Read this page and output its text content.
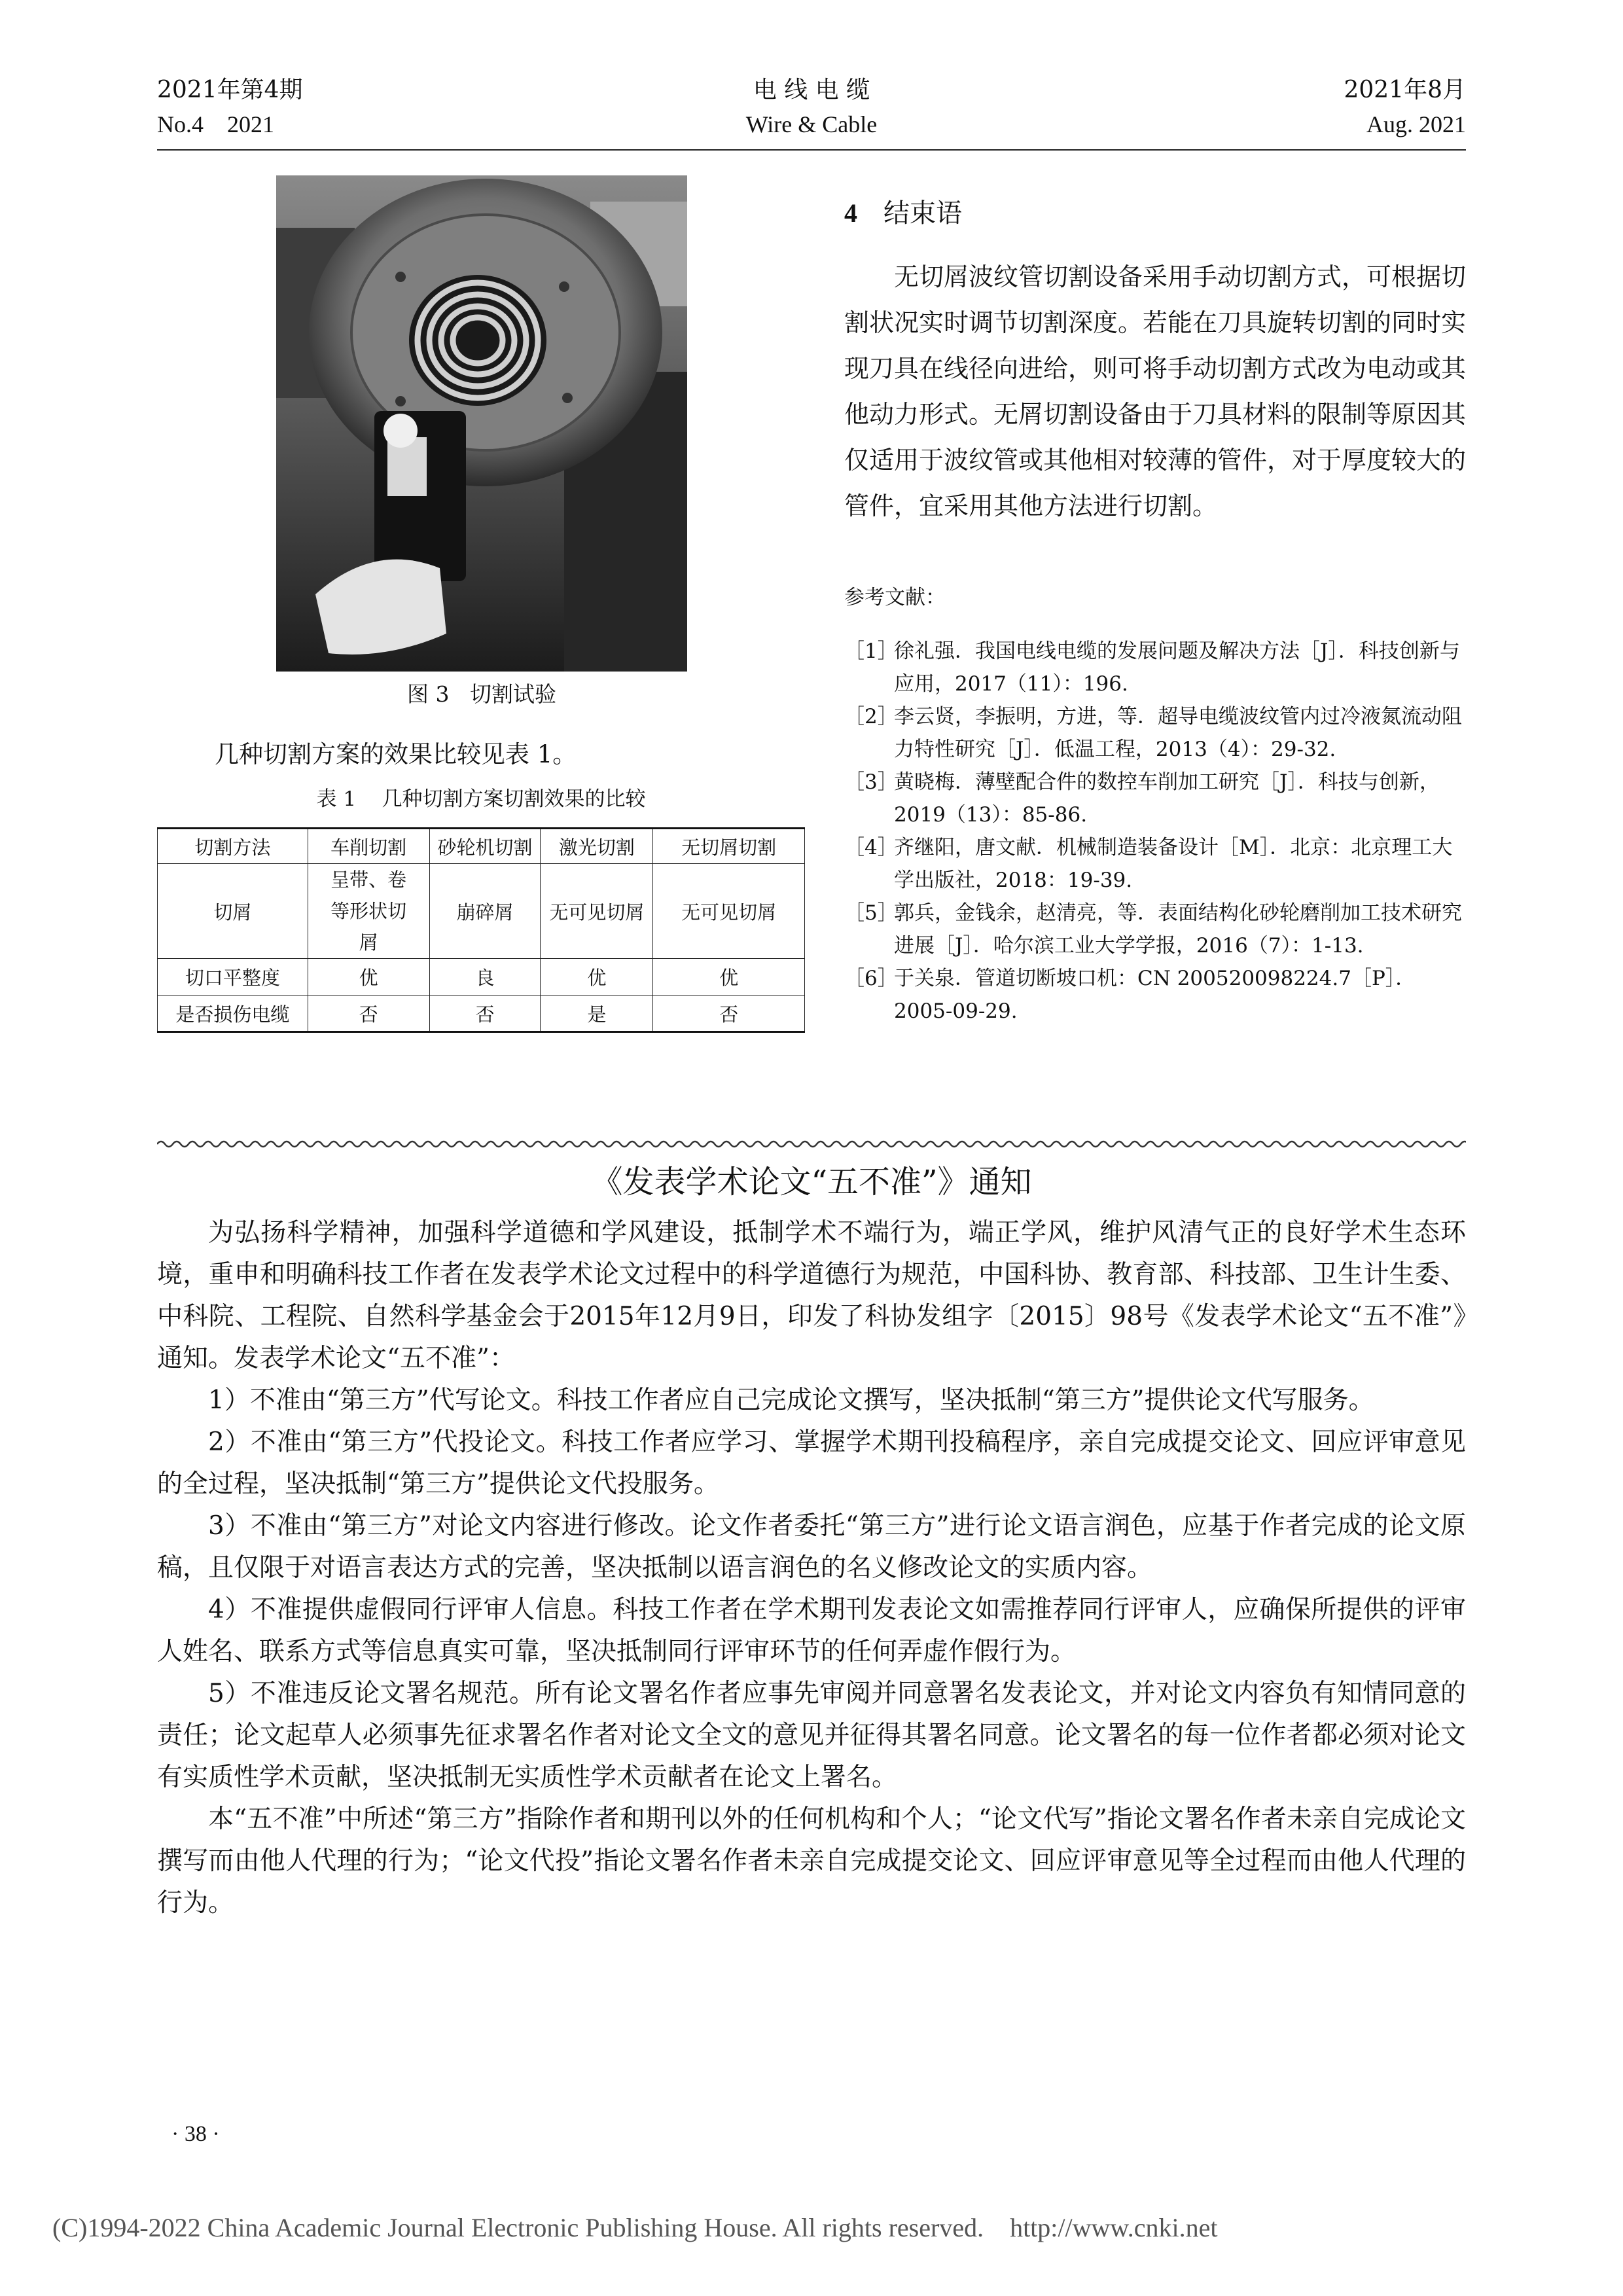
2021年第4期
No.4    2021
电 线 电 缆
Wire & Cable
2021年8月
Aug. 2021
图 3   切割试验
几种切割方案的效果比较见表 1。
表 1    几种切割方案切割效果的比较
切割方法	车削切割	砂轮机切割	激光切割	无切屑切割
切屑	呈带、卷等形状切屑	崩碎屑	无可见切屑	无可见切屑
切口平整度	优	良	优	优
是否损伤电缆	否	否	是	否
4 结束语

无切屑波纹管切割设备采用手动切割方式，可根据切割状况实时调节切割深度。若能在刀具旋转切割的同时实现刀具在线径向进给，则可将手动切割方式改为电动或其他动力形式。无屑切割设备由于刀具材料的限制等原因其仅适用于波纹管或其他相对较薄的管件，对于厚度较大的管件，宜采用其他方法进行切割。

参考文献：
［1］
徐礼强．我国电线电缆的发展问题及解决方法［J］．科技创新与应用，2017（11）：196.
［2］
李云贤，李振明，方进，等．超导电缆波纹管内过冷液氮流动阻力特性研究［J］．低温工程，2013（4）：29-32.
［3］
黄晓梅．薄壁配合件的数控车削加工研究［J］．科技与创新，2019（13）：85-86.
［4］
齐继阳，唐文献．机械制造装备设计［M］．北京：北京理工大学出版社，2018：19-39.
［5］
郭兵，金钱余，赵清亮，等．表面结构化砂轮磨削加工技术研究进展［J］．哈尔滨工业大学学报，2016（7）：1-13.
［6］
于关泉．管道切断坡口机：CN 200520098224.7［P］．2005-09-29.
《发表学术论文“五不准”》通知

为弘扬科学精神，加强科学道德和学风建设，抵制学术不端行为，端正学风，维护风清气正的良好学术生态环境，重申和明确科技工作者在发表学术论文过程中的科学道德行为规范，中国科协、教育部、科技部、卫生计生委、中科院、工程院、自然科学基金会于2015年12月9日，印发了科协发组字〔2015〕98号《发表学术论文“五不准”》通知。发表学术论文“五不准”：

1）不准由“第三方”代写论文。科技工作者应自己完成论文撰写，坚决抵制“第三方”提供论文代写服务。

2）不准由“第三方”代投论文。科技工作者应学习、掌握学术期刊投稿程序，亲自完成提交论文、回应评审意见的全过程，坚决抵制“第三方”提供论文代投服务。

3）不准由“第三方”对论文内容进行修改。论文作者委托“第三方”进行论文语言润色，应基于作者完成的论文原稿，且仅限于对语言表达方式的完善，坚决抵制以语言润色的名义修改论文的实质内容。

4）不准提供虚假同行评审人信息。科技工作者在学术期刊发表论文如需推荐同行评审人，应确保所提供的评审人姓名、联系方式等信息真实可靠，坚决抵制同行评审环节的任何弄虚作假行为。

5）不准违反论文署名规范。所有论文署名作者应事先审阅并同意署名发表论文，并对论文内容负有知情同意的责任；论文起草人必须事先征求署名作者对论文全文的意见并征得其署名同意。论文署名的每一位作者都必须对论文有实质性学术贡献，坚决抵制无实质性学术贡献者在论文上署名。

本“五不准”中所述“第三方”指除作者和期刊以外的任何机构和个人；“论文代写”指论文署名作者未亲自完成论文撰写而由他人代理的行为；“论文代投”指论文署名作者未亲自完成提交论文、回应评审意见等全过程而由他人代理的行为。

· 38 ·
(C)1994-2022 China Academic Journal Electronic Publishing House. All rights reserved.    http://www.cnki.net
